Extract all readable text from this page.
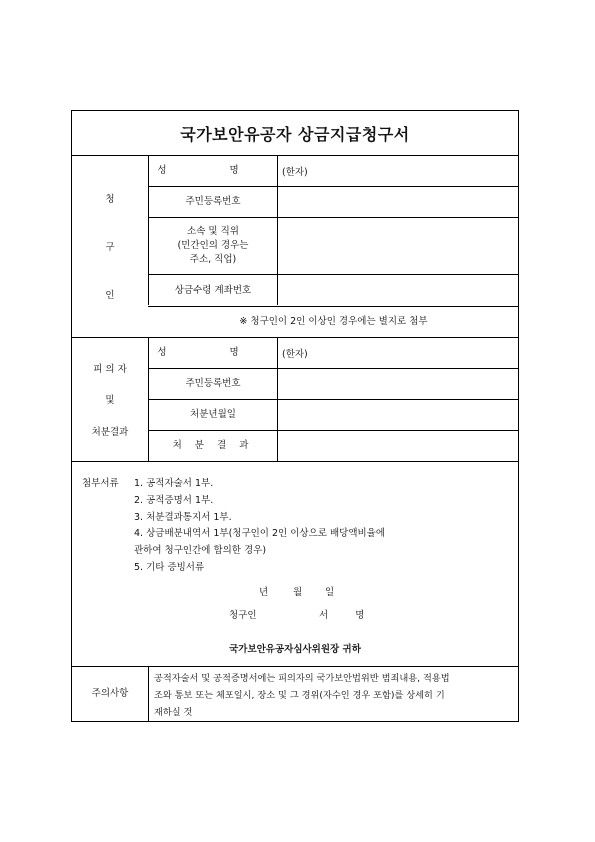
국가보안유공자 상금지급청구서
청
구
인
성 명	(한자)
주민등록번호
소속 및 직위
(민간인의 경우는
주소, 직업)
상금수령 계좌번호
※ 청구인이 2인 이상인 경우에는 별지로 첨부
피 의 자
및
처분결과
성 명	(한자)
주민등록번호
처분년월일
처 분 결 과
첨부서류 1. 공적자술서 1부.
2. 공적증명서 1부.
3. 처분결과통지서 1부.
4. 상금배분내역서 1부(청구인이 2인 이상으로 배당액비율에
관하여 청구인간에 합의한 경우)
5. 기타 증빙서류
년	월 일
청구인	서 명
국가보안유공자심사위원장 귀하
주의사항
공적자술서 및 공적증명서에는 피의자의 국가보안법위반 범죄내용, 적용법
조와 통보 또는 체포일시, 장소 및 그 경위(자수인 경우 포함)를 상세히 기
재하실 것
